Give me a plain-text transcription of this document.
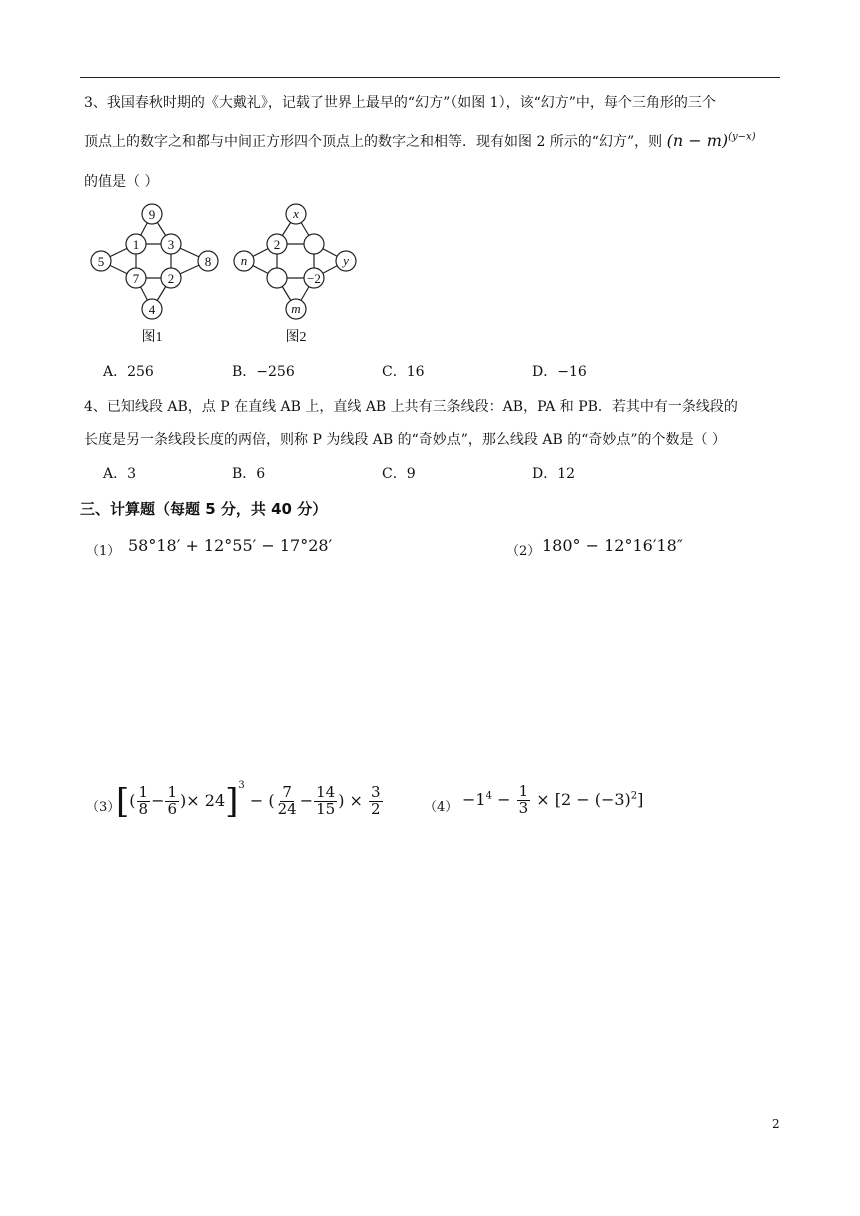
3、我国春秋时期的《大戴礼》，记载了世界上最早的“幻方”（如图 1），该“幻方”中，每个三角形的三个
顶点上的数字之和都与中间正方形四个顶点上的数字之和相等．现有如图 2 所示的“幻方”，则 $(n - m)^{(y-x)}$
的值是（ ）
9
1 3
5	8
7 2
4
图1
x
2
n	y
−2
m
图2
A．256	B．−256	C．16	D．−16
4、已知线段 AB，点 P 在直线 AB 上，直线 AB 上共有三条线段：AB，PA 和 PB．若其中有一条线段的
长度是另一条线段长度的两倍，则称 P 为线段 AB 的“奇妙点”，那么线段 AB 的“奇妙点”的个数是（ ）
A．3	B．6	C．9	D．12
三、计算题（每题 5 分，共 40 分）
（1） 58°18′ + 12°55′ − 17°28′	（2） 180° − 12°16′18″
（3）
[( $\frac{1}{8} - \frac{1}{6}$ )× 24]$^3$ − ( $\frac{7}{24} - \frac{14}{15}$ ) × $\frac{3}{2}$	$(4) -1^4 - \frac{1}{3} \times [2 - (-3)^2]$
2
